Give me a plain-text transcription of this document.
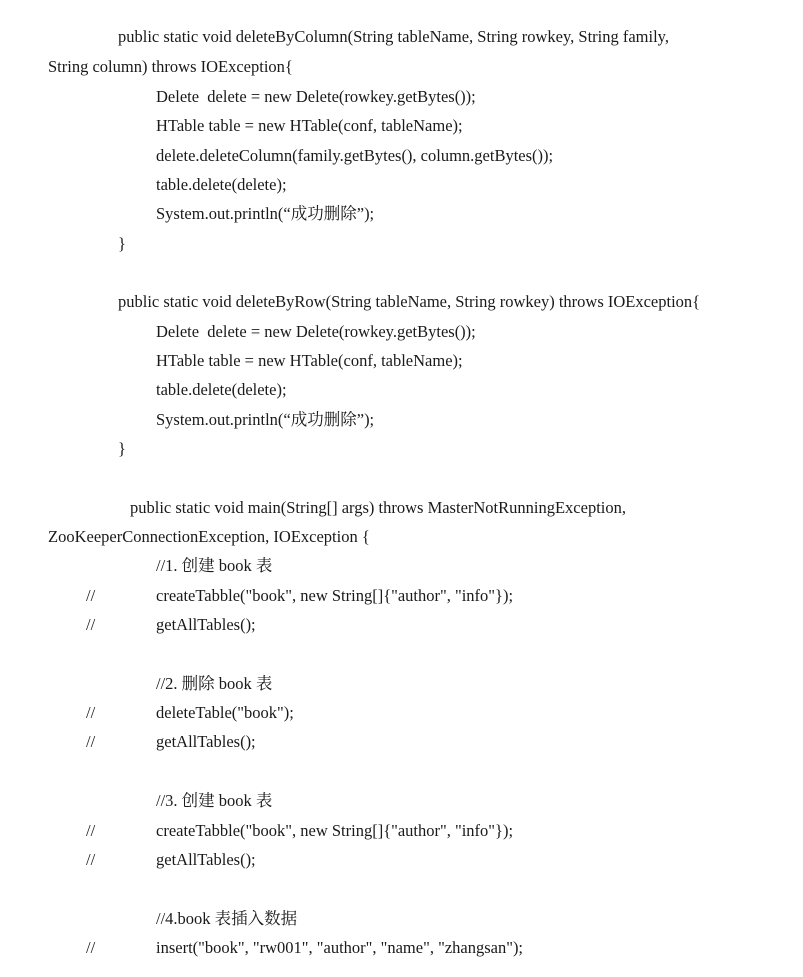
public static void deleteByColumn(String tableName, String rowkey, String family,
String column) throws IOException{
Delete  delete = new Delete(rowkey.getBytes());
HTable table = new HTable(conf, tableName);
delete.deleteColumn(family.getBytes(), column.getBytes());
table.delete(delete);
System.out.println(“成功删除”);
}
public static void deleteByRow(String tableName, String rowkey) throws IOException{
Delete  delete = new Delete(rowkey.getBytes());
HTable table = new HTable(conf, tableName);
table.delete(delete);
System.out.println(“成功删除”);
}
public static void main(String[] args) throws MasterNotRunningException,
ZooKeeperConnectionException, IOException {
//1. 创建 book 表
//	createTabble("book", new String[]{"author", "info"});
//	getAllTables();
//2. 删除 book 表
//	deleteTable("book");
//	getAllTables();
//3. 创建 book 表
//	createTabble("book", new String[]{"author", "info"});
//	getAllTables();
//4.book 表插入数据
//	insert("book", "rw001", "author", "name", "zhangsan");
